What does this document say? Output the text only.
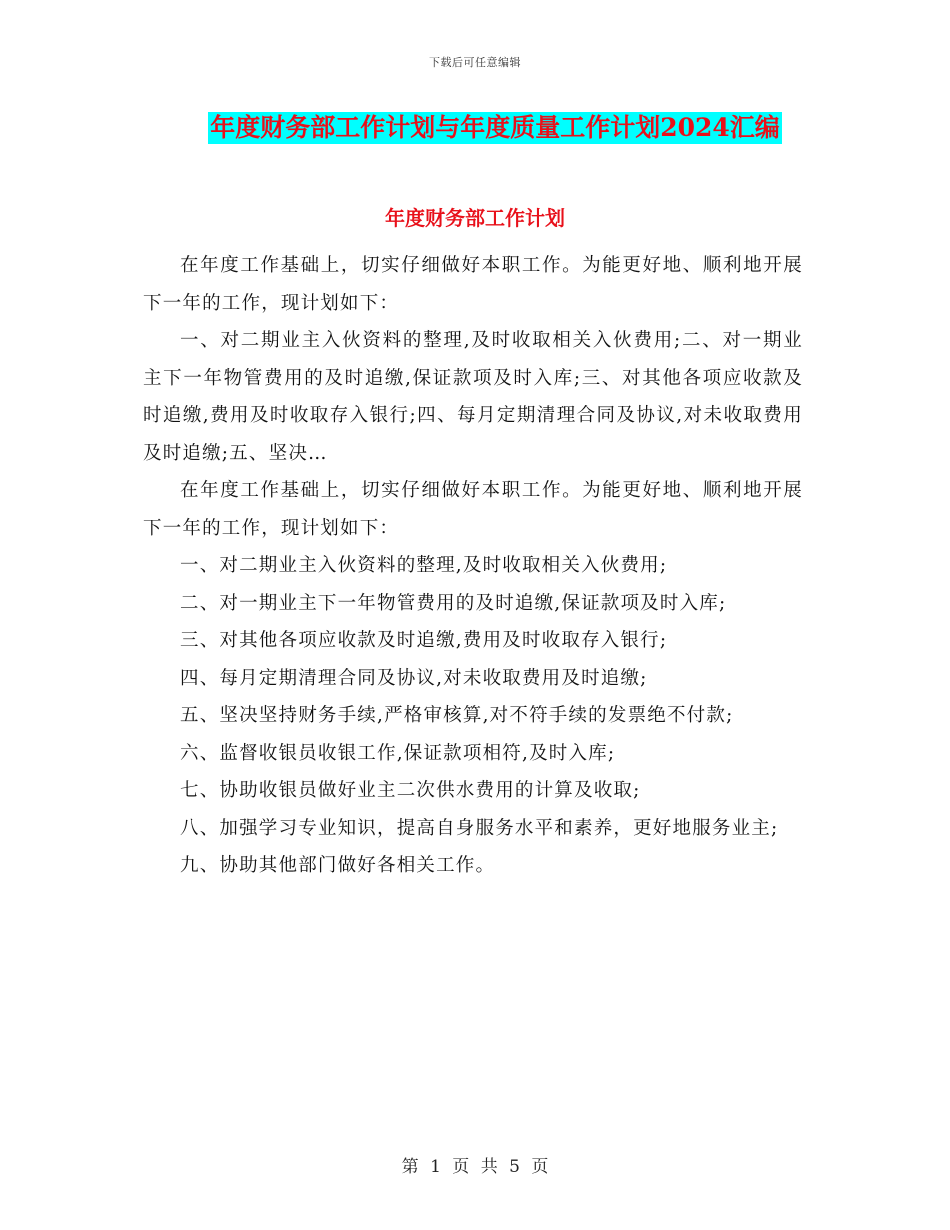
下载后可任意编辑
年度财务部工作计划与年度质量工作计划2024汇编
年度财务部工作计划

在年度工作基础上，切实仔细做好本职工作。为能更好地、顺利地开展下一年的工作，现计划如下：

一、对二期业主入伙资料的整理,及时收取相关入伙费用;二、对一期业主下一年物管费用的及时追缴,保证款项及时入库;三、对其他各项应收款及时追缴,费用及时收取存入银行;四、每月定期清理合同及协议,对未收取费用及时追缴;五、坚决…

在年度工作基础上，切实仔细做好本职工作。为能更好地、顺利地开展下一年的工作，现计划如下：

一、对二期业主入伙资料的整理,及时收取相关入伙费用;

二、对一期业主下一年物管费用的及时追缴,保证款项及时入库;

三、对其他各项应收款及时追缴,费用及时收取存入银行;

四、每月定期清理合同及协议,对未收取费用及时追缴;

五、坚决坚持财务手续,严格审核算,对不符手续的发票绝不付款;

六、监督收银员收银工作,保证款项相符,及时入库;

七、协助收银员做好业主二次供水费用的计算及收取;

八、加强学习专业知识，提高自身服务水平和素养，更好地服务业主;

九、协助其他部门做好各相关工作。

第 1 页 共 5 页
